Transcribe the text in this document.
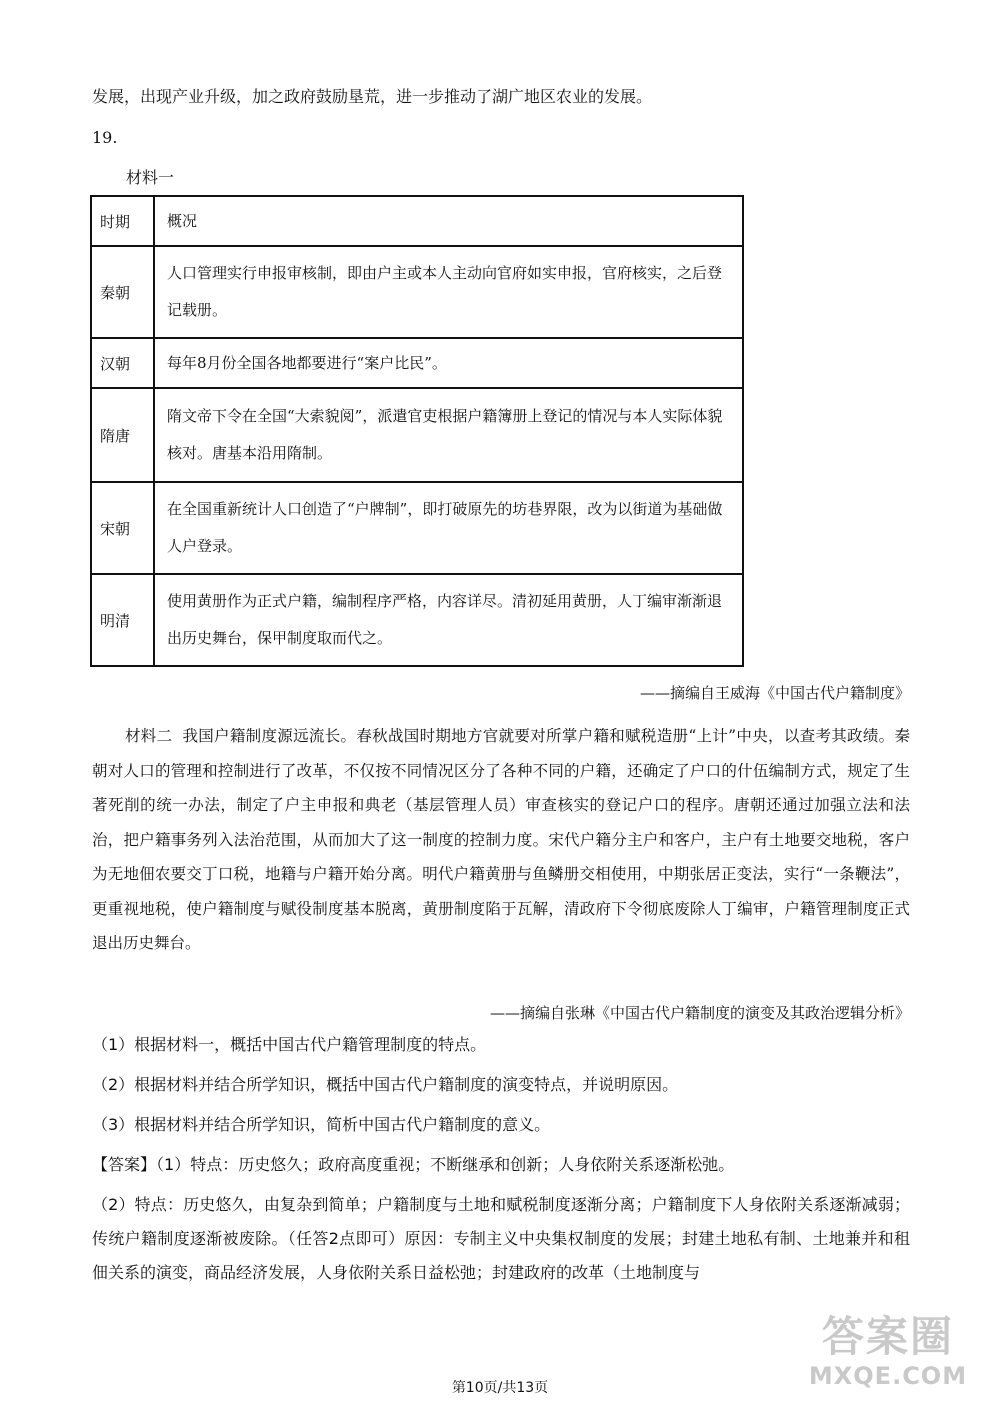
发展，出现产业升级，加之政府鼓励垦荒，进一步推动了湖广地区农业的发展。
19.
材料一
时期	概况
秦朝	人口管理实行申报审核制，即由户主或本人主动向官府如实申报，官府核实，之后登记载册。
汉朝	每年8月份全国各地都要进行“案户比民”。
隋唐	隋文帝下令在全国“大索貌阅”，派遣官吏根据户籍簿册上登记的情况与本人实际体貌核对。唐基本沿用隋制。
宋朝	在全国重新统计人口创造了“户牌制”，即打破原先的坊巷界限，改为以街道为基础做人户登录。
明清	使用黄册作为正式户籍，编制程序严格，内容详尽。清初延用黄册，人丁编审渐渐退出历史舞台，保甲制度取而代之。
——摘编自王威海《中国古代户籍制度》
材料二 我国户籍制度源远流长。春秋战国时期地方官就要对所掌户籍和赋税造册“上计”中央，以查考其政绩。秦朝对人口的管理和控制进行了改革，不仅按不同情况区分了各种不同的户籍，还确定了户口的什伍编制方式，规定了生著死削的统一办法，制定了户主申报和典老（基层管理人员）审查核实的登记户口的程序。唐朝还通过加强立法和法治，把户籍事务列入法治范围，从而加大了这一制度的控制力度。宋代户籍分主户和客户，主户有土地要交地税，客户为无地佃农要交丁口税，地籍与户籍开始分离。明代户籍黄册与鱼鳞册交相使用，中期张居正变法，实行“一条鞭法”，更重视地税，使户籍制度与赋役制度基本脱离，黄册制度陷于瓦解，清政府下令彻底废除人丁编审，户籍管理制度正式退出历史舞台。
——摘编自张琳《中国古代户籍制度的演变及其政治逻辑分析》
（1）根据材料一，概括中国古代户籍管理制度的特点。
（2）根据材料并结合所学知识，概括中国古代户籍制度的演变特点，并说明原因。
（3）根据材料并结合所学知识，简析中国古代户籍制度的意义。
【答案】（1）特点：历史悠久；政府高度重视；不断继承和创新；人身依附关系逐渐松弛。
（2）特点：历史悠久，由复杂到简单；户籍制度与土地和赋税制度逐渐分离；户籍制度下人身依附关系逐渐减弱；传统户籍制度逐渐被废除。（任答2点即可）原因：专制主义中央集权制度的发展；封建土地私有制、土地兼并和租佃关系的演变，商品经济发展，人身依附关系日益松弛；封建政府的改革（土地制度与
第10页/共13页
答案圈
MXQE.COM
